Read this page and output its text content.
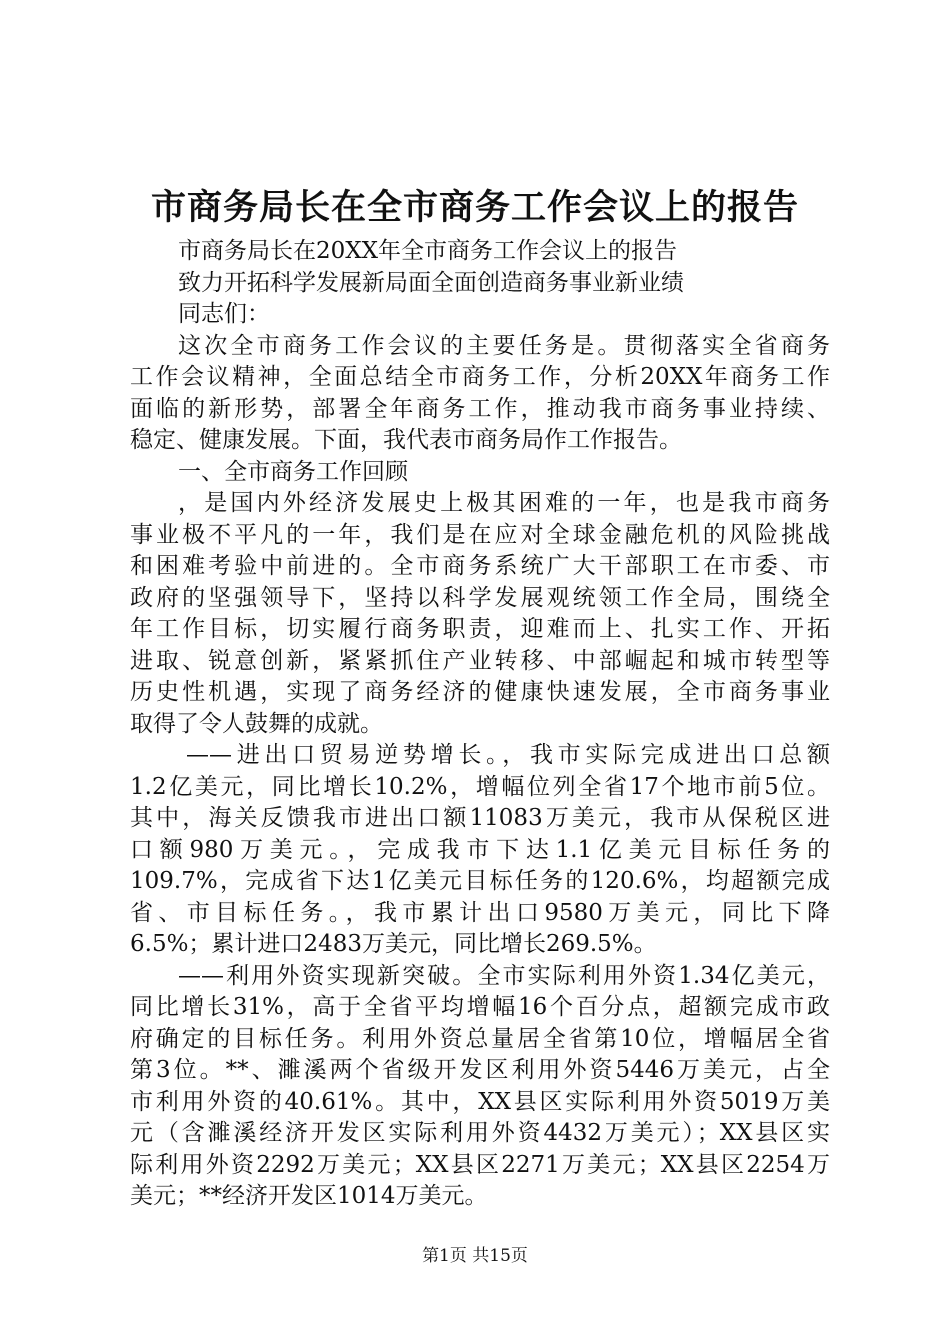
市商务局长在全市商务工作会议上的报告
市商务局长在20XX年全市商务工作会议上的报告
致力开拓科学发展新局面全面创造商务事业新业绩
同志们：
这次全市商务工作会议的主要任务是。贯彻落实全省商务
工作会议精神，全面总结全市商务工作，分析20XX年商务工作
面临的新形势，部署全年商务工作，推动我市商务事业持续、
稳定、健康发展。下面，我代表市商务局作工作报告。
一、全市商务工作回顾
，是国内外经济发展史上极其困难的一年，也是我市商务
事业极不平凡的一年，我们是在应对全球金融危机的风险挑战
和困难考验中前进的。全市商务系统广大干部职工在市委、市
政府的坚强领导下，坚持以科学发展观统领工作全局，围绕全
年工作目标，切实履行商务职责，迎难而上、扎实工作、开拓
进取、锐意创新，紧紧抓住产业转移、中部崛起和城市转型等
历史性机遇，实现了商务经济的健康快速发展，全市商务事业
取得了令人鼓舞的成就。
——进出口贸易逆势增长。，我市实际完成进出口总额
1.2亿美元，同比增长10.2%，增幅位列全省17个地市前5位。
其中，海关反馈我市进出口额11083万美元，我市从保税区进
口额980万美元。，完成我市下达1.1亿美元目标任务的
109.7%，完成省下达1亿美元目标任务的120.6%，均超额完成
省、市目标任务。，我市累计出口9580万美元，同比下降
6.5%；累计进口2483万美元，同比增长269.5%。
——利用外资实现新突破。全市实际利用外资1.34亿美元，
同比增长31%，高于全省平均增幅16个百分点，超额完成市政
府确定的目标任务。利用外资总量居全省第10位，增幅居全省
第3位。**、濉溪两个省级开发区利用外资5446万美元，占全
市利用外资的40.61%。其中，XX县区实际利用外资5019万美
元（含濉溪经济开发区实际利用外资4432万美元）；XX县区实
际利用外资2292万美元；XX县区2271万美元；XX县区2254万
美元；**经济开发区1014万美元。
第1页 共15页
